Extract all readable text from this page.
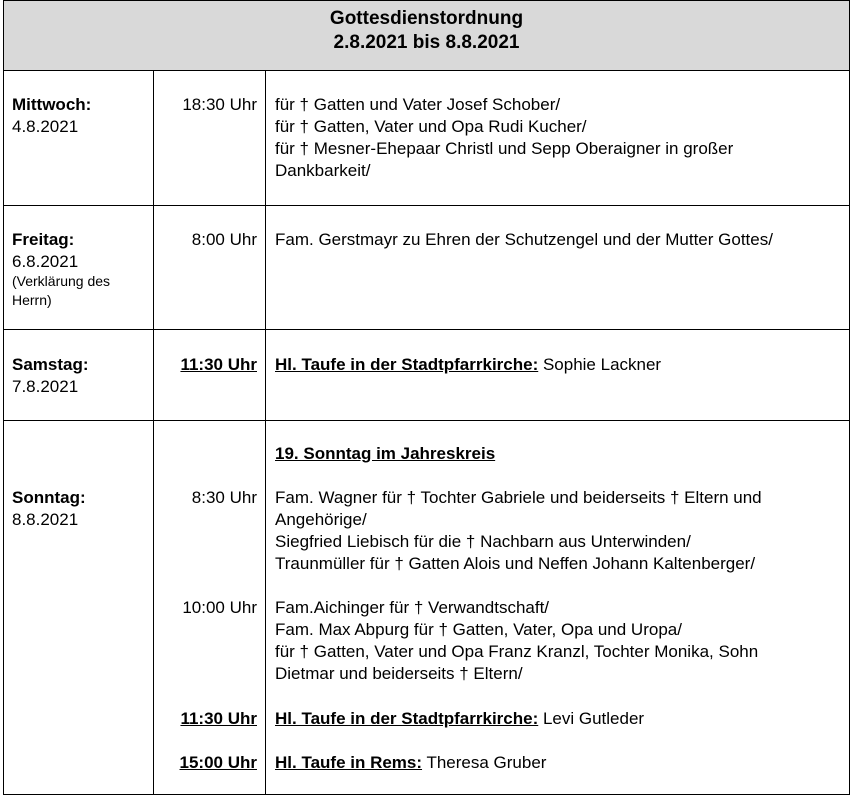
Gottesdienstordnung
2.8.2021 bis 8.8.2021
Mittwoch:
4.8.2021
18:30 Uhr für † Gatten und Vater Josef Schober/
für † Gatten, Vater und Opa Rudi Kucher/
für † Mesner-Ehepaar Christl und Sepp Oberaigner in großer
Dankbarkeit/
Freitag:
6.8.2021
(Verklärung des
Herrn)
8:00 Uhr Fam. Gerstmayr zu Ehren der Schutzengel und der Mutter Gottes/
Samstag:
7.8.2021
11:30 Uhr Hl. Taufe in der Stadtpfarrkirche: Sophie Lackner
19. Sonntag im Jahreskreis
Sonntag:
8.8.2021
8:30 Uhr Fam. Wagner für † Tochter Gabriele und beiderseits † Eltern und
Angehörige/
Siegfried Liebisch für die † Nachbarn aus Unterwinden/
Traunmüller für † Gatten Alois und Neffen Johann Kaltenberger/
10:00 Uhr Fam.Aichinger für † Verwandtschaft/
Fam. Max Abpurg für † Gatten, Vater, Opa und Uropa/
für † Gatten, Vater und Opa Franz Kranzl, Tochter Monika, Sohn
Dietmar und beiderseits † Eltern/
11:30 Uhr Hl. Taufe in der Stadtpfarrkirche: Levi Gutleder
15:00 Uhr Hl. Taufe in Rems: Theresa Gruber
